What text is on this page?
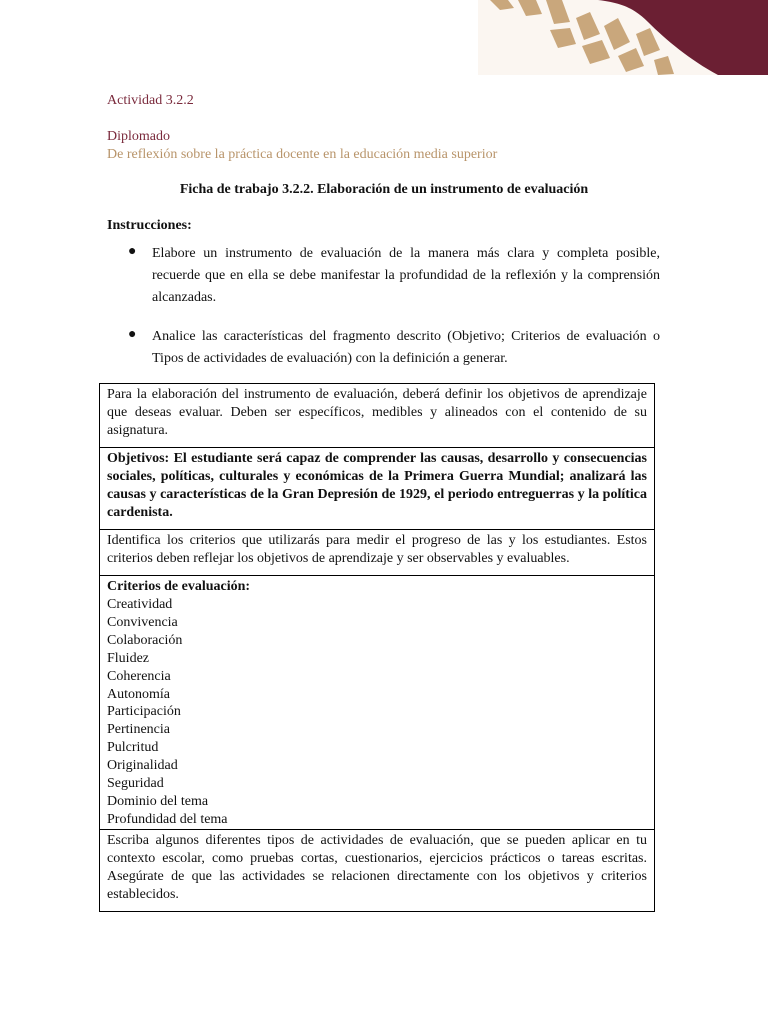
Actividad 3.2.2
Diplomado
De reflexión sobre la práctica docente en la educación media superior
Ficha de trabajo 3.2.2. Elaboración de un instrumento de evaluación
Instrucciones:
● Elabore un instrumento de evaluación de la manera más clara y completa posible, recuerde que en ella se debe manifestar la profundidad de la reflexión y la comprensión alcanzadas.
● Analice las características del fragmento descrito (Objetivo; Criterios de evaluación o Tipos de actividades de evaluación) con la definición a generar.
Para la elaboración del instrumento de evaluación, deberá definir los objetivos de aprendizaje que deseas evaluar. Deben ser específicos, medibles y alineados con el contenido de su asignatura.
Objetivos: El estudiante será capaz de comprender las causas, desarrollo y consecuencias sociales, políticas, culturales y económicas de la Primera Guerra Mundial; analizará las causas y características de la Gran Depresión de 1929, el periodo entreguerras y la política cardenista.
Identifica los criterios que utilizarás para medir el progreso de las y los estudiantes. Estos criterios deben reflejar los objetivos de aprendizaje y ser observables y evaluables.

Criterios de evaluación:
Creatividad
Convivencia
Colaboración
Fluidez
Coherencia
Autonomía
Participación
Pertinencia
Pulcritud
Originalidad
Seguridad
Dominio del tema
Profundidad del tema

Escriba algunos diferentes tipos de actividades de evaluación, que se pueden aplicar en tu contexto escolar, como pruebas cortas, cuestionarios, ejercicios prácticos o tareas escritas. Asegúrate de que las actividades se relacionen directamente con los objetivos y criterios establecidos.
